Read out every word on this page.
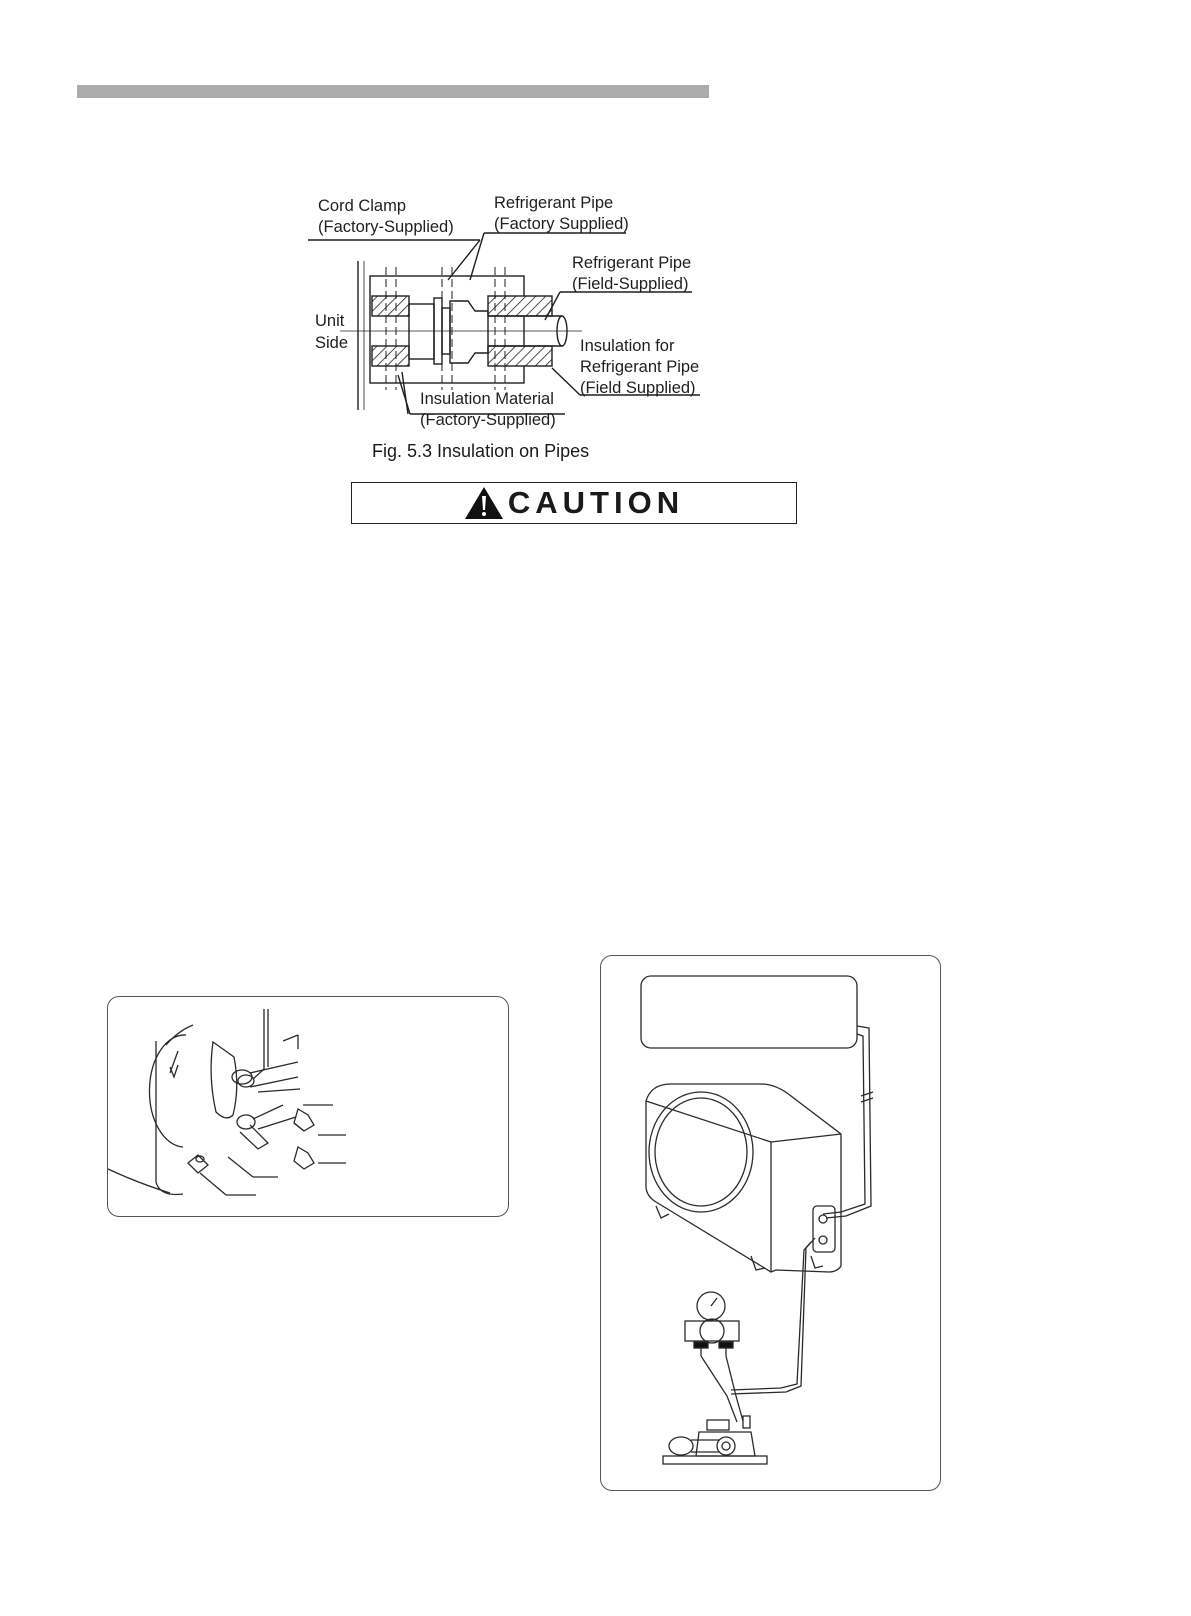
Cord Clamp
(Factory-Supplied)
Refrigerant Pipe
(Factory Supplied)
Refrigerant Pipe
(Field-Supplied)
Unit
Side	Insulation for
Refrigerant Pipe
(Field Supplied)
Insulation Material
(Factory-Supplied)
Fig. 5.3 Insulation on Pipes
CAUTION
